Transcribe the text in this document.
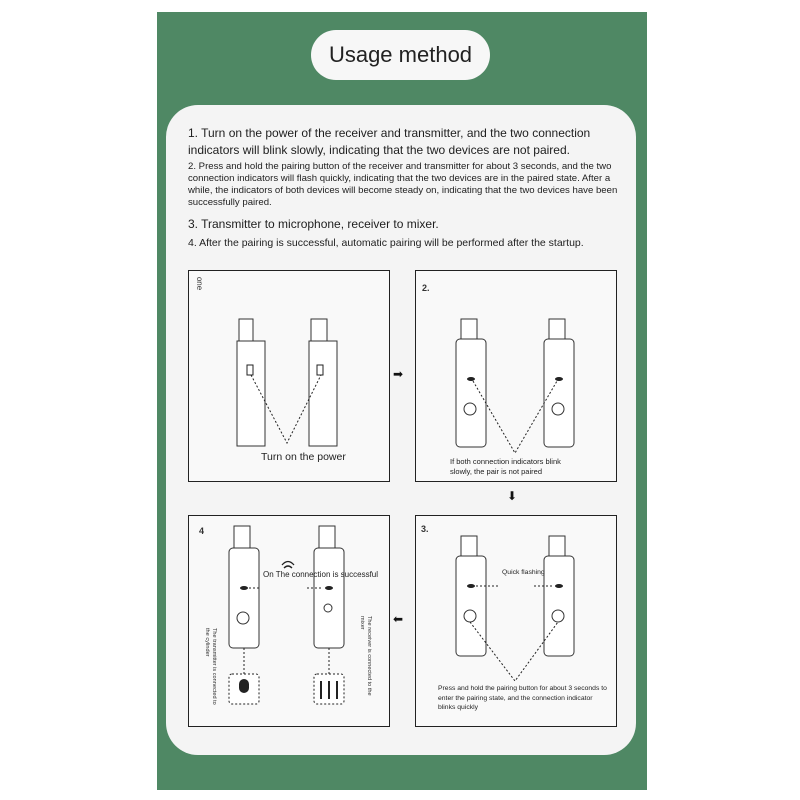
Usage method

1. Turn on the power of the receiver and transmitter, and the two connection indicators will blink slowly, indicating that the two devices are not paired.

2. Press and hold the pairing button of the receiver and transmitter for about 3 seconds, and the two connection indicators will flash quickly, indicating that the two devices are in the paired state. After a while, the indicators of both devices will become steady on, indicating that the two devices have been successfully paired.

3. Transmitter to microphone, receiver to mixer.

4. After the pairing is successful, automatic pairing will be performed after the startup.

one
Turn on the power
2.
If both connection indicators blink slowly, the pair is not paired
3.
Quick flashing
Press and hold the pairing button for about 3 seconds to enter the pairing state, and the connection indicator blinks quickly
4
On The connection is successful
The transmitter is connected to the cylinder	The receiver is connected to the mixer
➡
⬇
⬅
